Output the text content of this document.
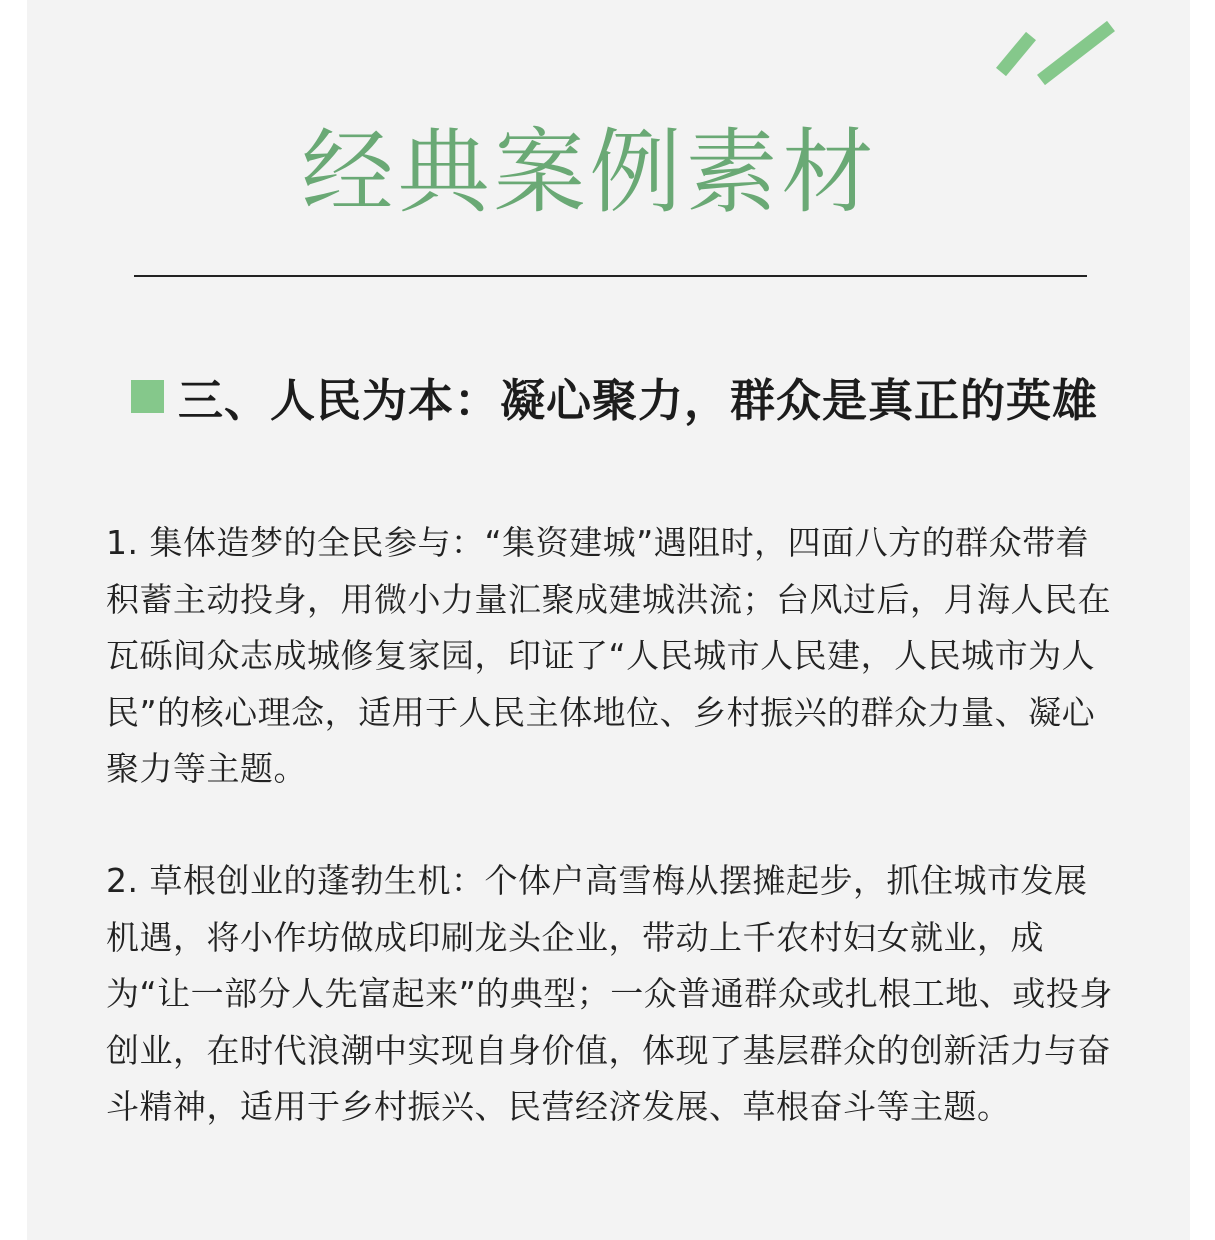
经典案例素材
三、人民为本：凝心聚力，群众是真正的英雄

1. 集体造梦的全民参与：“集资建城”遇阻时，四面八方的群众带着积蓄主动投身，用微小力量汇聚成建城洪流；台风过后，月海人民在瓦砾间众志成城修复家园，印证了“人民城市人民建，人民城市为人民”的核心理念，适用于人民主体地位、乡村振兴的群众力量、凝心聚力等主题。

2. 草根创业的蓬勃生机：个体户高雪梅从摆摊起步，抓住城市发展机遇，将小作坊做成印刷龙头企业，带动上千农村妇女就业，成为“让一部分人先富起来”的典型；一众普通群众或扎根工地、或投身创业，在时代浪潮中实现自身价值，体现了基层群众的创新活力与奋斗精神，适用于乡村振兴、民营经济发展、草根奋斗等主题。
